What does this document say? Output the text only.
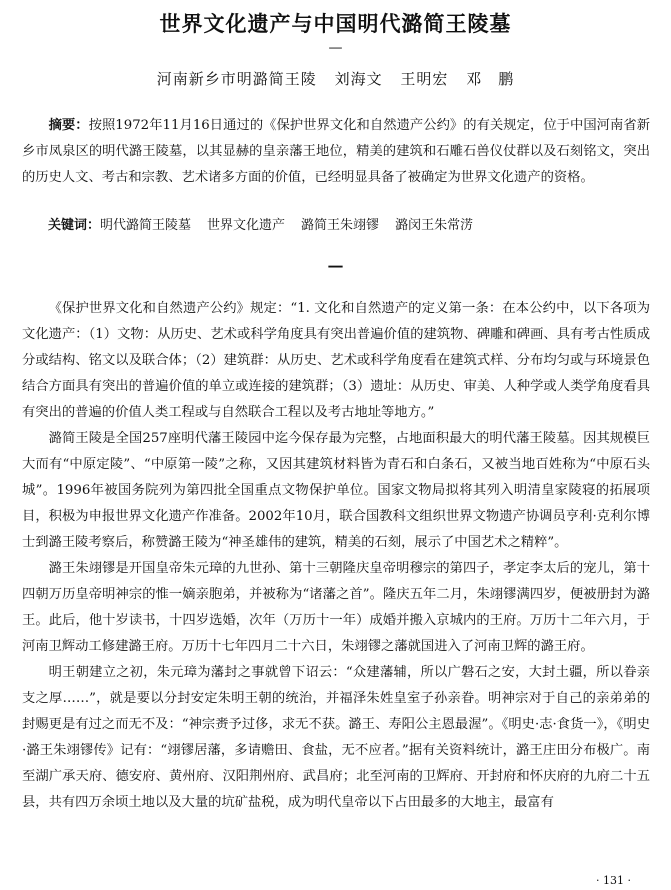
世界文化遗产与中国明代潞简王陵墓
—
河南新乡市明潞简王陵 刘海文 王明宏 邓　鹏
摘要：按照1972年11月16日通过的《保护世界文化和自然遗产公约》的有关规定，位于中国河南省新乡市凤泉区的明代潞王陵墓，以其显赫的皇亲藩王地位，精美的建筑和石雕石兽仪仗群以及石刻铭文，突出的历史人文、考古和宗教、艺术诸多方面的价值，已经明显具备了被确定为世界文化遗产的资格。
关键词：明代潞简王陵墓 世界文化遗产 潞简王朱翊镠 潞闵王朱常淓
—

《保护世界文化和自然遗产公约》规定：“1. 文化和自然遗产的定义第一条：在本公约中，以下各项为文化遗产：（1）文物：从历史、艺术或科学角度具有突出普遍价值的建筑物、碑雕和碑画、具有考古性质成分或结构、铭文以及联合体；（2）建筑群：从历史、艺术或科学角度看在建筑式样、分布均匀或与环境景色结合方面具有突出的普遍价值的单立或连接的建筑群；（3）遗址：从历史、审美、人种学或人类学角度看具有突出的普遍的价值人类工程或与自然联合工程以及考古地址等地方。”

潞简王陵是全国257座明代藩王陵园中迄今保存最为完整，占地面积最大的明代藩王陵墓。因其规模巨大而有“中原定陵”、“中原第一陵”之称，又因其建筑材料皆为青石和白条石，又被当地百姓称为“中原石头城”。1996年被国务院列为第四批全国重点文物保护单位。国家文物局拟将其列入明清皇家陵寝的拓展项目，积极为申报世界文化遗产作准备。2002年10月，联合国教科文组织世界文物遗产协调员亨利·克利尔博士到潞王陵考察后，称赞潞王陵为“神圣雄伟的建筑，精美的石刻，展示了中国艺术之精粹”。

潞王朱翊镠是开国皇帝朱元璋的九世孙、第十三朝隆庆皇帝明穆宗的第四子，孝定李太后的宠儿，第十四朝万历皇帝明神宗的惟一嫡亲胞弟，并被称为“诸藩之首”。隆庆五年二月，朱翊镠满四岁，便被册封为潞王。此后，他十岁读书，十四岁选婚，次年（万历十一年）成婚并搬入京城内的王府。万历十二年六月，于河南卫辉动工修建潞王府。万历十七年四月二十六日，朱翊镠之藩就国进入了河南卫辉的潞王府。

明王朝建立之初，朱元璋为藩封之事就曾下诏云：“众建藩辅，所以广磐石之安，大封土疆，所以眷亲支之厚……”，就是要以分封安定朱明王朝的统治，并福泽朱姓皇室子孙亲眷。明神宗对于自己的亲弟弟的封赐更是有过之而无不及：“神宗赉予过侈，求无不获。潞王、寿阳公主恩最渥”。《明史·志·食货一》，《明史·潞王朱翊镠传》记有：“翊镠居藩，多请赡田、食盐，无不应者。”据有关资料统计，潞王庄田分布极广。南至湖广承天府、德安府、黄州府、汉阳荆州府、武昌府；北至河南的卫辉府、开封府和怀庆府的九府二十五县，共有四万余顷土地以及大量的坑矿盐税，成为明代皇帝以下占田最多的大地主，最富有

· 131 ·
